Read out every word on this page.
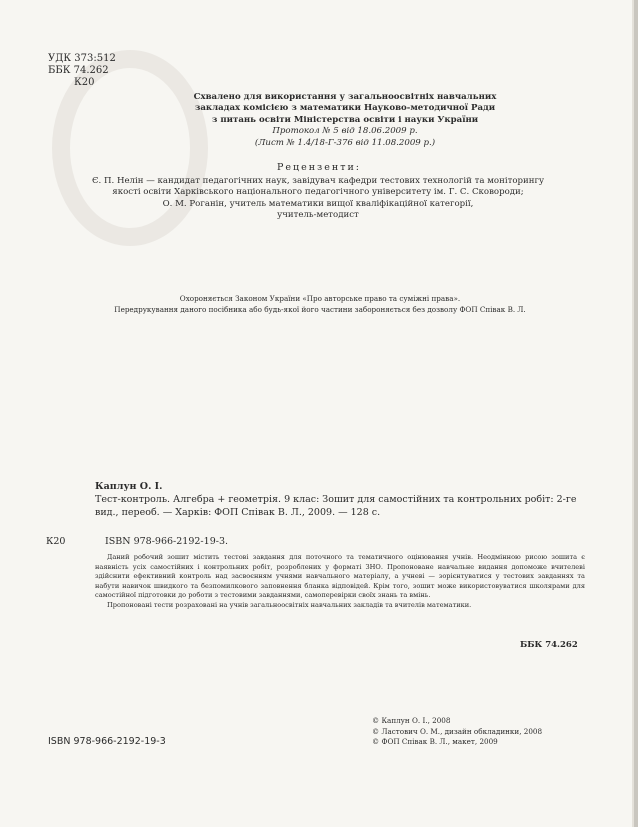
УДК 373:512
ББК 74.262
К20
Схвалено для використання у загальноосвітніх навчальних
закладах комісією з математики Науково-методичної Ради
з питань освіти Міністерства освіти і науки України
Протокол № 5 від 18.06.2009 р.
(Лист № 1.4/18-Г-376 від 11.08.2009 р.)
Рецензенти:
Є. П. Нелін — кандидат педагогічних наук, завідувач кафедри тестових технологій та моніторингу
якості освіти Харківського національного педагогічного університету ім. Г. С. Сковороди;
О. М. Роганін, учитель математики вищої кваліфікаційної категорії,
учитель-методист
Охороняється Законом України «Про авторське право та суміжні права».
Передрукування даного посібника або будь-якої його частини забороняється без дозволу ФОП Співак В. Л.
Каплун О. І.
Тест-контроль. Алгебра + геометрія. 9 клас: Зошит для самостійних та контрольних робіт: 2-ге вид., переоб. — Харків: ФОП Співак В. Л., 2009. — 128 с.
К20	ISBN 978-966-2192-19-3.
Даний робочий зошит містить тестові завдання для поточного та тематичного оцінювання учнів. Неодмінною рисою зошита є наявність усіх самостійних і контрольних робіт, розроблених у форматі ЗНО. Пропоноване навчальне видання допоможе вчителеві здійснити ефективний контроль над засвоєнням учнями навчального матеріалу, а учневі — зорієнтуватися у тестових завданнях та набути навичок швидкого та безпомилкового заповнення бланка відповідей. Крім того, зошит може використовуватися школярами для самостійної підготовки до роботи з тестовими завданнями, самоперевірки своїх знань та вмінь.
Пропоновані тести розраховані на учнів загальноосвітніх навчальних закладів та вчителів математики.
ББК 74.262
© Каплун О. І., 2008
© Ластович О. М., дизайн обкладинки, 2008
© ФОП Співак В. Л., макет, 2009
ISBN 978-966-2192-19-3
